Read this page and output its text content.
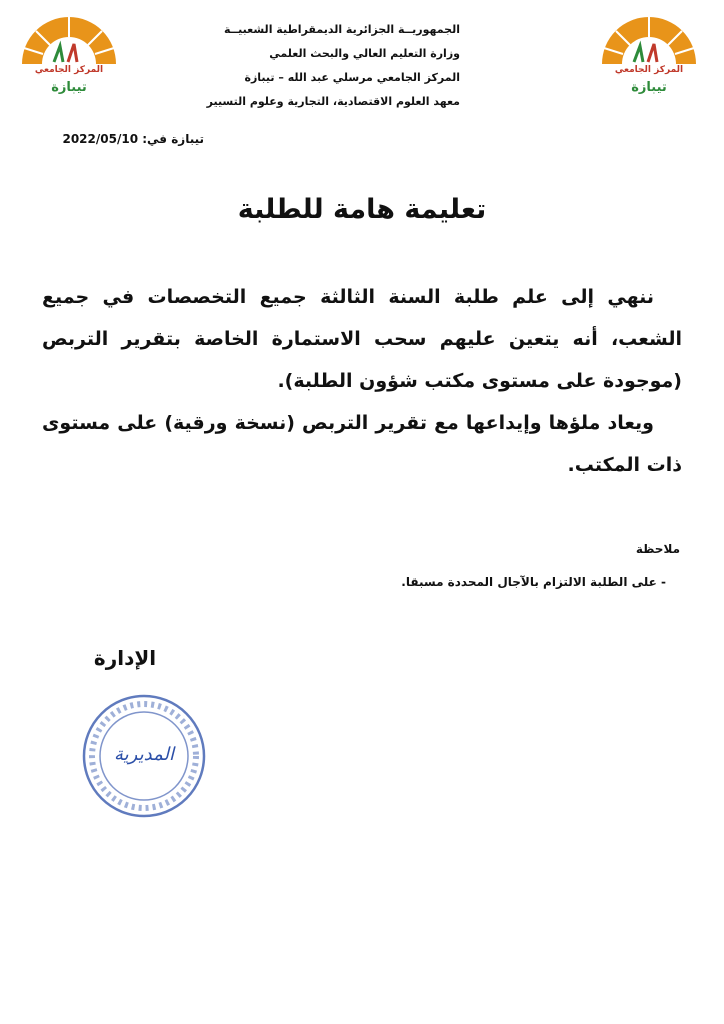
المركز الجامعي
تيبازة
المركز الجامعي
تيبازة
الجمهوريــة الجزائرية الديمقراطية الشعبيــة
وزارة التعليم العالي والبحث العلمي
المركز الجامعي مرسلي عبد الله – تيبازة
معهد العلوم الاقتصادية، التجارية وعلوم التسيير
تيبازة في: 2022/05/10
تعليمة هامة للطلبة

ننهي إلى علم طلبة السنة الثالثة جميع التخصصات في جميع الشعب، أنه يتعين عليهم سحب الاستمارة الخاصة بتقرير التربص (موجودة على مستوى مكتب شؤون الطلبة).

ويعاد ملؤها وإيداعها مع تقرير التربص (نسخة ورقية) على مستوى ذات المكتب.

ملاحظة
- على الطلبة الالتزام بالآجال المحددة مسبقا.
الإدارة
المديرية
